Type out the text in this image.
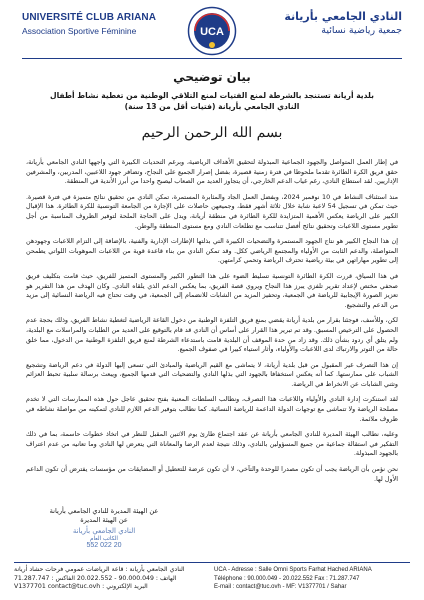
UNIVERSITÉ CLUB ARIANA
Association Sportive Féminine	UCA
النادي الجامعي بأريانة
جمعية رياضية نسائية
بيان توضيحي
بلدية أريانة تستنجد بالشرطة لمنع الفتيات لمنع التلاقي الوطنية من تغطية نشاط أطفال النادي الجامعي بأريانة (فتيات أقل من 13 سنة)
بسم الله الرحمن الرحيم

في إطار العمل المتواصل والجهود الجماعية المبذولة لتحقيق الأهداف الرياضية، وبرغم التحديات الكبيرة التي واجهها النادي الجامعي بأريانة، حقق فريق الكرة الطائرة تقدما ملحوظا في فترة زمنية قصيرة، بفضل إصرار الجميع على النجاح، وتضافر جهود اللاعبين، المدربين، والمشرفين الإداريين. لقد استطاع النادي، رغم غياب الدعم الخارجي، أن يتجاوز العديد من الصعاب ليصبح واحدا من أبرز الأندية في المنطقة.

منذ استئناف النشاط في 10 نوفمبر 2024، وبفضل العمل الجاد والمثابرة المستمرة، تمكن النادي من تحقيق نتائج متميزة في فترة قصيرة. حيث تمكن في تسجيل 54 لاعبة شابة خلال ثلاثة أشهر فقط، وجميعهن حاصلات على الإجازة من الجامعة التونسية للكرة الطائرة. هذا الإقبال الكبير على الرياضة يعكس الأهمية المتزايدة للكرة الطائرة في منطقة أريانة، ويدل على الحاجة الملحة لتوفير الظروف المناسبة من أجل تطوير مستوى اللاعبات وتحقيق نتائج أفضل تتناسب مع تطلعات النادي ومع مستوى المنطقة والوطن.

إن هذا النجاح الكبير هو نتاج الجهود المستمرة والتضحيات الكبيرة التي بذلتها الإطارات الإدارية والفنية، بالإضافة إلى التزام اللاعبات وجهودهن المتواصلة، والدعم الثابت من الأولياء والمجتمع الرياضي ككل. وقد تمكن النادي من بناء قاعدة قوية من اللاعبات الموهوبات اللواتي يطمحن إلى تطوير مهاراتهن في بيئة رياضية تحترف الرياضة وتحمي كرامتهن.

في هذا السياق، قررت الكرة الطائرة التونسية تسليط الضوء على هذا التطور الكبير والمستوى المتميز للفريق، حيث قامت بتكليف فريق صحفي مختص لإعداد تقرير تلفزي يبرز هذا النجاح ويروي قصة الفريق، بما يعكس الدعم الذي يلقاه النادي. وكان الهدف من هذا التقرير هو تعزيز الصورة الإيجابية للرياضة في الجمعية، وتحفيز المزيد من الشابات للانضمام إلى الجمعية، في وقت تحتاج فيه الرياضة النسائية إلى مزيد من الدعم والتشجيع.

لكن، وللأسف، فوجئنا بقرار من بلدية أريانة يقضي بمنع فريق التلفزة الوطنية من دخول القاعة الرياضية لتغطية نشاط الفريق، وذلك بحجة عدم الحصول على الترخيص المسبق. وقد تم تبرير هذا القرار على أساس أن النادي قد قام بالتوقيع على العديد من الطلبات والمراسلات مع البلدية، ولم يتلق أي ردود بشأن ذلك. وقد زاد من حدة الموقف أن البلدية قامت باستدعاء الشرطة لمنع فريق التلفزة الوطنية من الدخول، مما خلق حالة من التوتر والارتباك لدى اللاعبات والأولياء، وأثار استياء كبيرا في صفوف الجميع.

إن هذا التصرف غير المقبول من قبل بلدية أريانة، لا يتماشى مع القيم الرياضية والمبادئ التي تسعى إليها الدولة في دعم الرياضة وتشجيع الشباب على ممارستها. كما أنه يعكس استخفافا بالجهود التي بذلها النادي والتضحيات التي قدمها الجميع، ويبعث برسالة سلبية تحبط العزائم وتثني الشابات عن الانخراط في الرياضة.

لقد استنكرت إدارة النادي والأولياء واللاعبات هذا التصرف، ونطالب السلطات المعنية بفتح تحقيق عاجل حول هذه الممارسات التي لا تخدم مصلحة الرياضة ولا تتماشى مع توجهات الدولة الداعمة للرياضة النسائية. كما نطالب بتوفير الدعم اللازم للنادي لتمكينه من مواصلة نشاطه في ظروف ملائمة.

وعليه، نطالب الهيئة المديرة للنادي الجامعي بأريانة عن عقد اجتماع طارئ يوم الاثنين المقبل للنظر في اتخاذ خطوات حاسمة، بما في ذلك التفكير في استقالة جماعية من جميع المسؤولين بالنادي، وذلك نتيجة لعدم الرضا والمعاناة التي يتعرض لها النادي وما تعانيه من عدم اعتراف بالجهود المبذولة.

نحن نؤمن بأن الرياضة يجب أن تكون مصدرا للوحدة والتآخي، لا أن تكون عرضة للتعطيل أو المضايقات من مؤسسات يفترض أن تكون الداعم الأول لها.

عن الهيئة المديرة للنادي الجامعي بأريانة
عن الهيئة المديرة
النادي الجامعي بأريانة
الكاتب العام
20 022 552
النادي الجامعي بأريانة : قاعة الرياضات عمومي فرحات حشاد أريانة
الهاتف : 90.000.049 - 20.022.552 الفاكس : 71.287.747
البريد الإلكتروني : V1377701 contact@tuc.ovh
UCA - Adresse : Salle Omni Sports Farhat Hached ARIANA
Téléphone : 90.000.049 - 20.022.552 Fax : 71.287.747
E-mail : contact@tuc.ovh - MF: V1377701 / Sahar
